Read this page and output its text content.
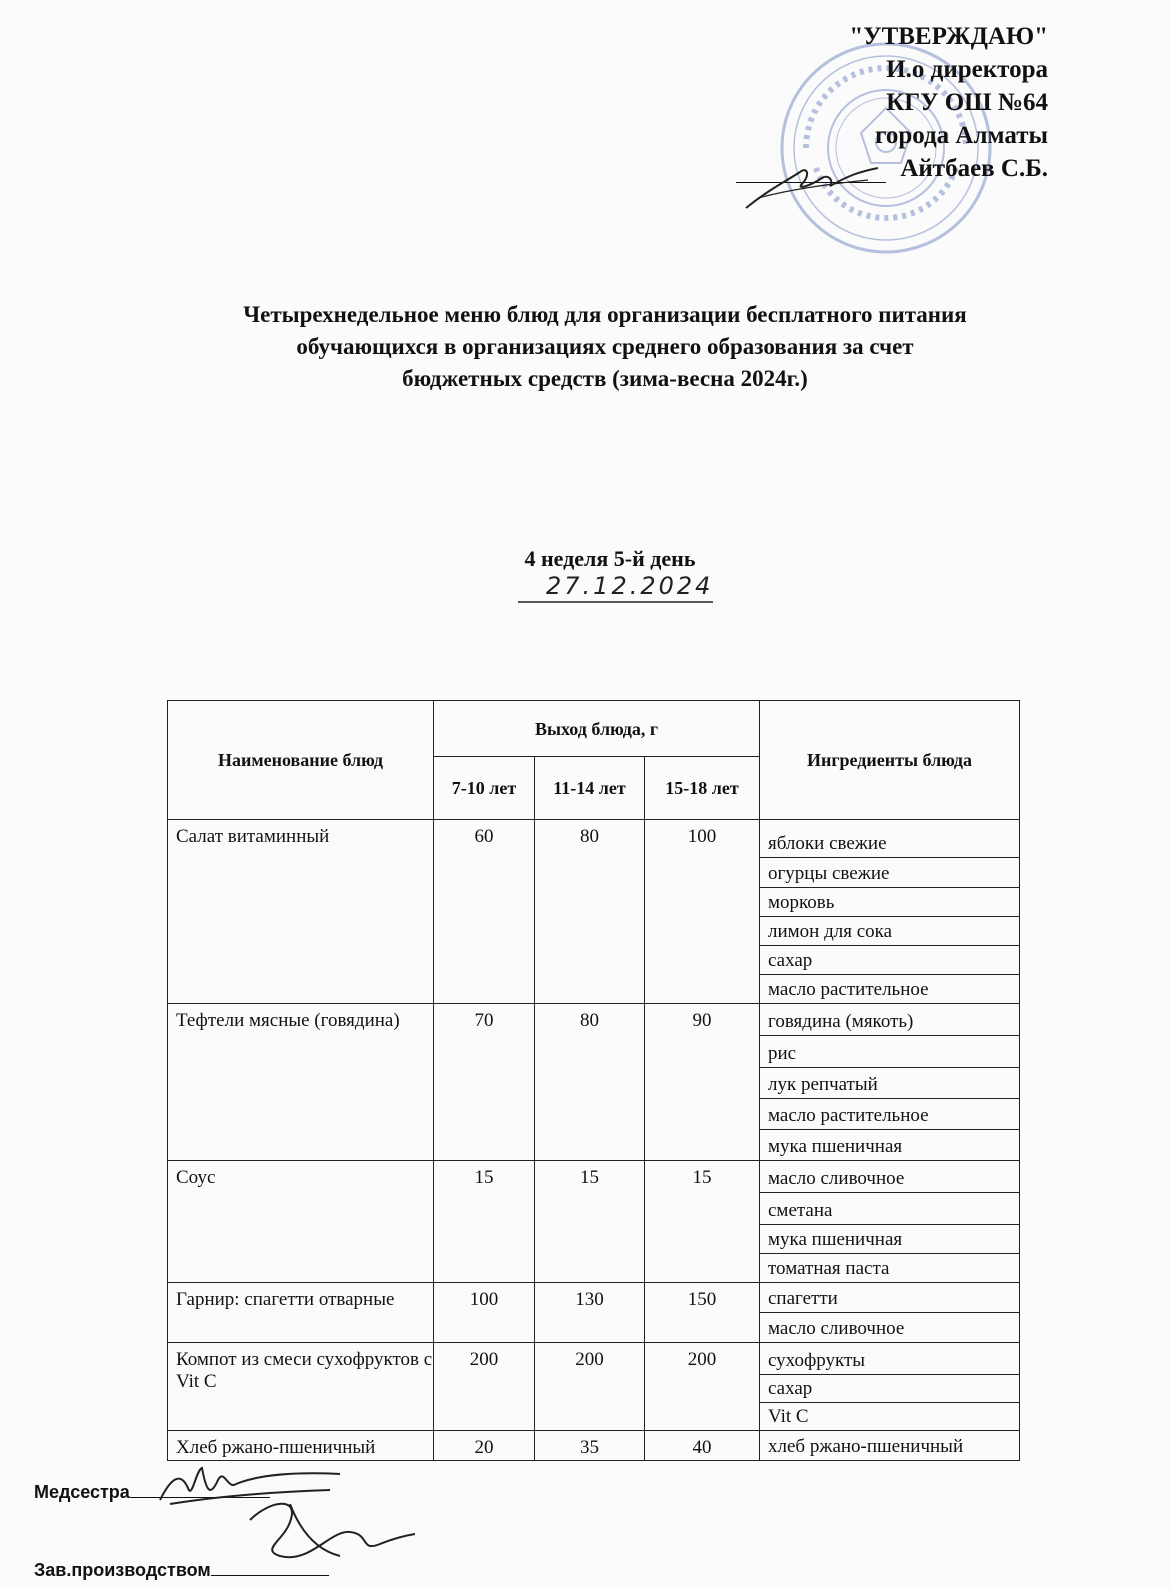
"УТВЕРЖДАЮ"
И.о директора
КГУ ОШ №64
города Алматы
Айтбаев С.Б.
Четырехнедельное меню блюд для организации бесплатного питания
обучающихся в организациях среднего образования за счет
бюджетных средств (зима-весна 2024г.)
4 неделя 5-й день
27.12.2024
Наименование блюд	Выход блюда, г			Ингредиенты блюда
	7-10 лет	11-14 лет	15-18 лет	
Салат витаминный	60	80	100	яблоки свежие
				огурцы свежие
				морковь
				лимон для сока
				сахар
				масло растительное
Тефтели мясные (говядина)	70	80	90	говядина (мякоть)
				рис
				лук репчатый
				масло растительное
				мука пшеничная
Соус	15	15	15	масло сливочное
				сметана
				мука пшеничная
				томатная паста
Гарнир: спагетти отварные	100	130	150	спагетти
				масло сливочное
Компот из смеси сухофруктов с Vit C	200	200	200	сухофрукты
				сахар
				Vit C
Хлеб ржано-пшеничный	20	35	40	хлеб ржано-пшеничный
Медсестра
Зав.производством
